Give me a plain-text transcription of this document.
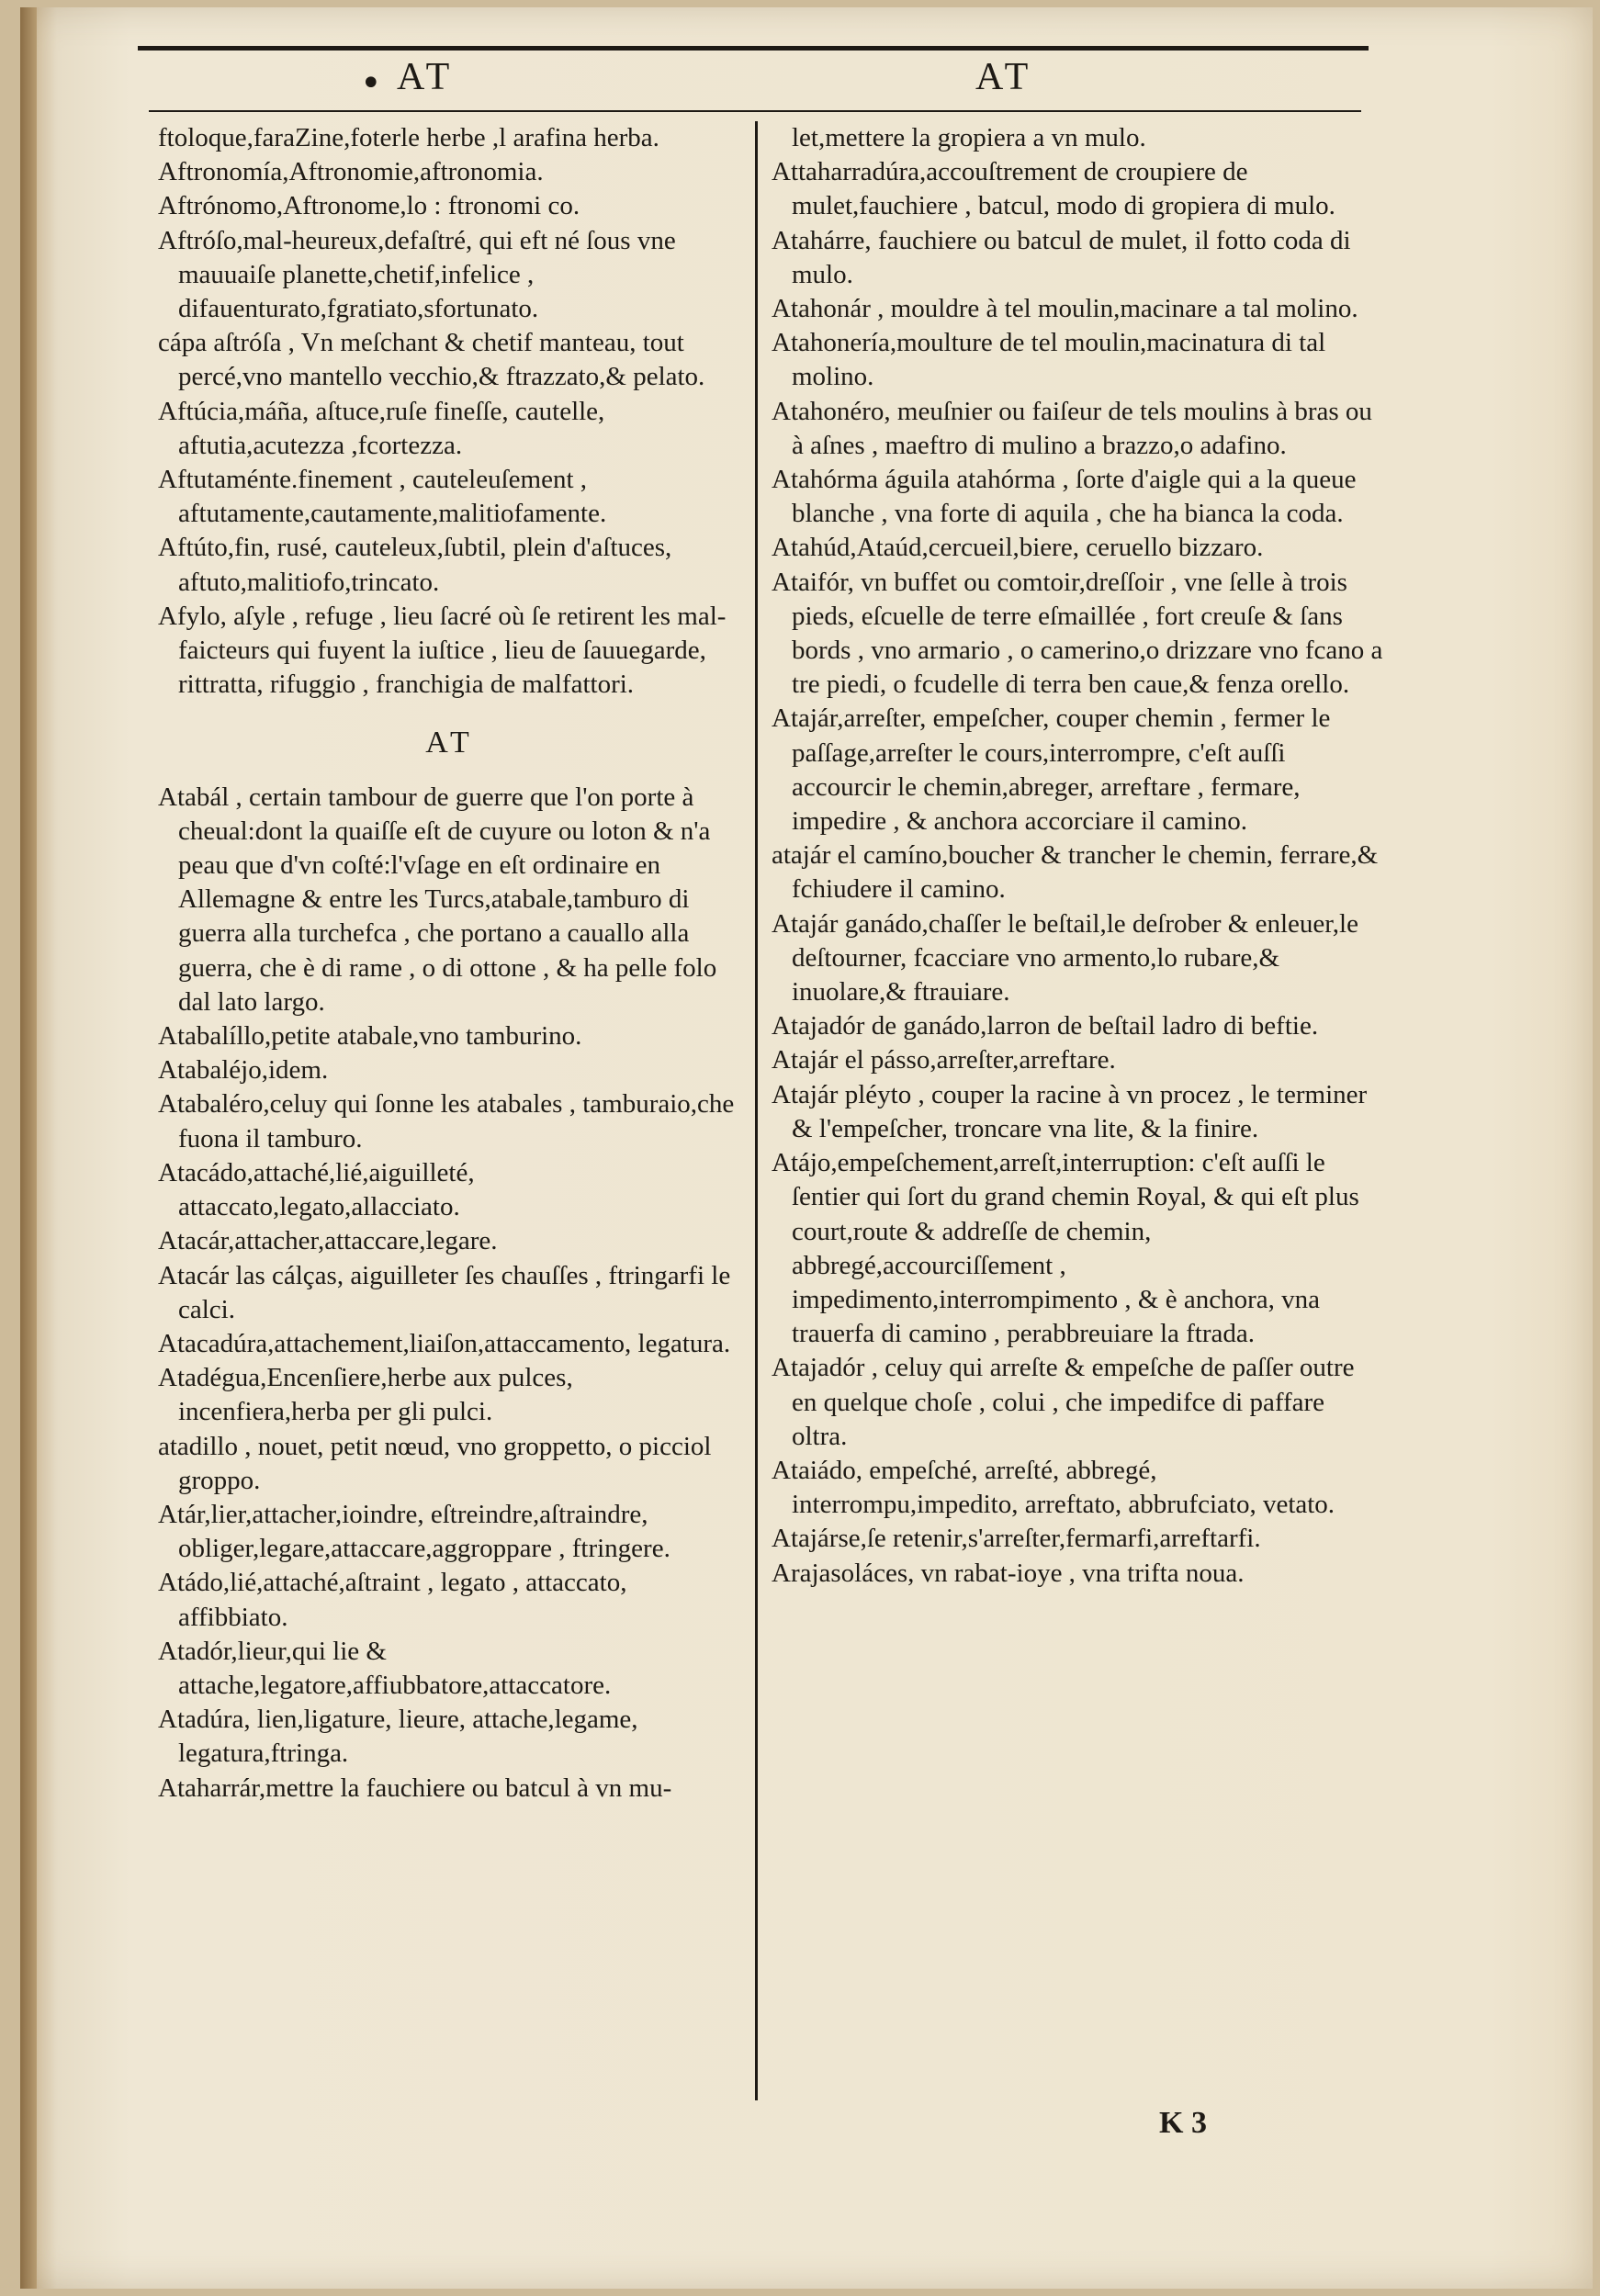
• AT	AT

ftoloque,faraZine,foterle herbe ,l arafina herba.

Aftronomía,Aftronomie,aftronomia.

Aftrónomo,Aftronome,lo : ftronomi co.

Aftróſo,mal-heureux,defaſtré, qui eft né ſous vne mauuaiſe planette,chetif,infelice , difauenturato,fgratiato,sfortunato.

cápa aſtróſa , Vn meſchant & chetif manteau, tout percé,vno mantello vecchio,& ftrazzato,& pelato.

Aftúcia,máña, aſtuce,ruſe fineſſe, cautelle, aftutia,acutezza ,fcortezza.

Aftutaménte.finement , cauteleuſement , aftutamente,cautamente,malitiofamente.

Aftúto,fin, rusé, cauteleux,ſubtil, plein d'aſtuces, aftuto,malitiofo,trincato.

Afylo, aſyle , refuge , lieu ſacré où ſe retirent les mal-faicteurs qui fuyent la iuſtice , lieu de ſauuegarde, rittratta, rifuggio , franchigia de malfattori.

AT

Atabál , certain tambour de guerre que l'on porte à cheual:dont la quaiſſe eſt de cuyure ou loton & n'a peau que d'vn coſté:l'vſage en eſt ordinaire en Allemagne & entre les Turcs,atabale,tamburo di guerra alla turchefca , che portano a cauallo alla guerra, che è di rame , o di ottone , & ha pelle folo dal lato largo.

Atabalíllo,petite atabale,vno tamburino.

Atabaléjo,idem.

Atabaléro,celuy qui ſonne les atabales , tamburaio,che fuona il tamburo.

Atacádo,attaché,lié,aiguilleté, attaccato,legato,allacciato.

Atacár,attacher,attaccare,legare.

Atacár las cálças, aiguilleter ſes chauſſes , ftringarfi le calci.

Atacadúra,attachement,liaiſon,attaccamento, legatura.

Atadégua,Encenſiere,herbe aux pulces, incenfiera,herba per gli pulci.

atadillo , nouet, petit nœud, vno groppetto, o picciol groppo.

Atár,lier,attacher,ioindre, eſtreindre,aſtraindre, obliger,legare,attaccare,aggroppare , ftringere.

Atádo,lié,attaché,aſtraint , legato , attaccato, affibbiato.

Atadór,lieur,qui lie & attache,legatore,affiubbatore,attaccatore.

Atadúra, lien,ligature, lieure, attache,legame, legatura,ftringa.

Ataharrár,mettre la fauchiere ou batcul à vn mu-

let,mettere la gropiera a vn mulo.

Attaharradúra,accouſtrement de croupiere de mulet,fauchiere , batcul, modo di gropiera di mulo.

Atahárre, fauchiere ou batcul de mulet, il fotto coda di mulo.

Atahonár , mouldre à tel moulin,macinare a tal molino.

Atahonería,moulture de tel moulin,macinatura di tal molino.

Atahonéro, meuſnier ou faiſeur de tels moulins à bras ou à aſnes , maeftro di mulino a brazzo,o adafino.

Atahórma águila atahórma , ſorte d'aigle qui a la queue blanche , vna forte di aquila , che ha bianca la coda.

Atahúd,Ataúd,cercueil,biere, ceruello bizzaro.

Ataifór, vn buffet ou comtoir,dreſſoir , vne ſelle à trois pieds, eſcuelle de terre eſmaillée , fort creuſe & ſans bords , vno armario , o camerino,o drizzare vno fcano a tre piedi, o fcudelle di terra ben caue,& fenza orello.

Atajár,arreſter, empeſcher, couper chemin , fermer le paſſage,arreſter le cours,interrompre, c'eſt auſſi accourcir le chemin,abreger, arreftare , fermare, impedire , & anchora accorciare il camino.

atajár el camíno,boucher & trancher le chemin, ferrare,& fchiudere il camino.

Atajár ganádo,chaſſer le beſtail,le deſrober & enleuer,le deſtourner, fcacciare vno armento,lo rubare,& inuolare,& ftrauiare.

Atajadór de ganádo,larron de beſtail ladro di beftie.

Atajár el pásso,arreſter,arreftare.

Atajár pléyto , couper la racine à vn procez , le terminer & l'empeſcher, troncare vna lite, & la finire.

Atájo,empeſchement,arreſt,interruption: c'eſt auſſi le ſentier qui ſort du grand chemin Royal, & qui eſt plus court,route & addreſſe de chemin, abbregé,accourciſſement , impedimento,interrompimento , & è anchora, vna trauerfa di camino , perabbreuiare la ftrada.

Atajadór , celuy qui arreſte & empeſche de paſſer outre en quelque choſe , colui , che impedifce di paffare oltra.

Ataiádo, empeſché, arreſté, abbregé, interrompu,impedito, arreftato, abbrufciato, vetato.

Atajárse,ſe retenir,s'arreſter,fermarfi,arreftarfi.

Arajasoláces, vn rabat-ioye , vna trifta noua.

K 3
